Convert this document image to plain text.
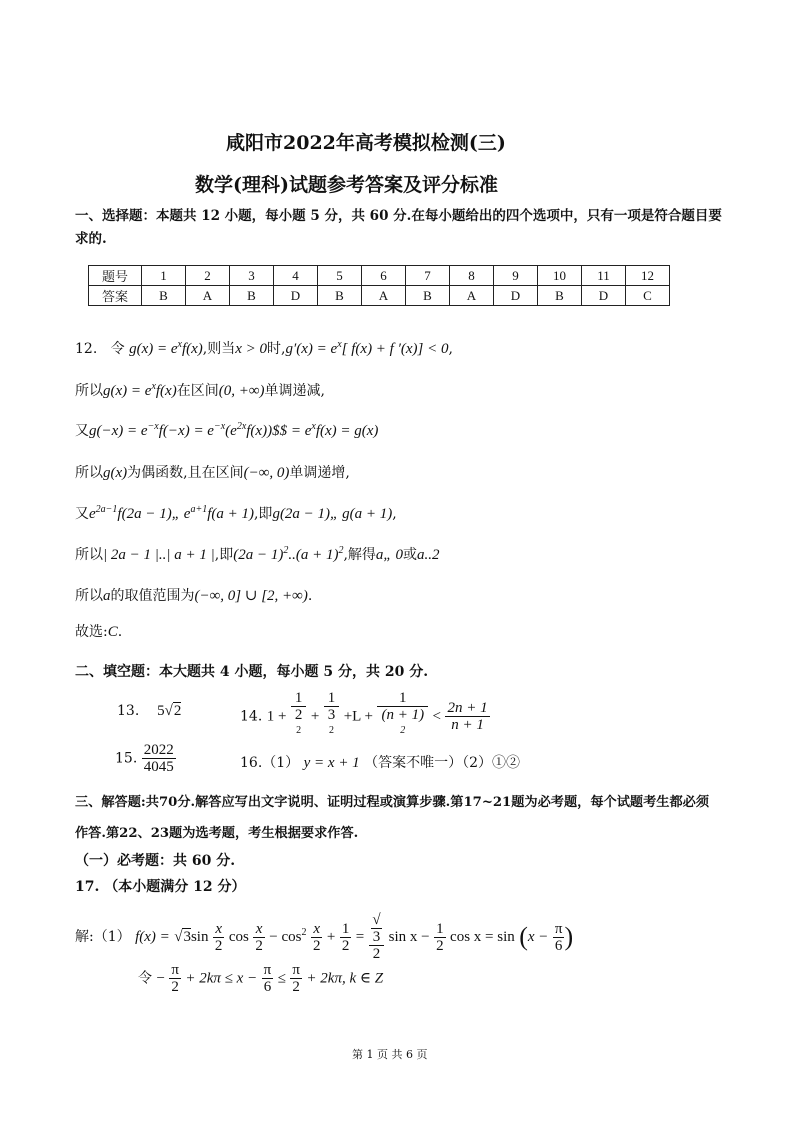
咸阳市2022年高考模拟检测(三)
数学(理科)试题参考答案及评分标准
一、选择题：本题共 12 小题，每小题 5 分，共 60 分.在每小题给出的四个选项中，只有一项是符合题目要
求的.
题号	1	2	3	4	5	6	7	8	9	10	11	12
答案	B	A	B	D	B	A	B	A	D	B	D	C
12. 令 $g(x) = e^xf(x)$,则当x > 0时$,g'(x) = e^x$[ f(x) + f ′(x)] < 0,
所以$g(x) = e^xf(x)$在区间(0, +∞)单调递减,
又$g(-x) = e^{-x}f(-x)$ = $e^{-x}(e^{2x}f(x))\$\$ = e^xf(x) = g(x)$
所以g(x)为偶函数,且在区间(−∞, 0)单调递增,
又$e^{2a-1}f(2a$ − 1)„ $e^{a+1}f(a + 1)$,即g(2a − 1)„ g(a + 1),
所以| 2a − 1 |..| a + 1 |,即$(2a - 1)^2..(a + 1)^2$,解得a„ 0或a..2
所以a的取值范围为(−∞, 0] ∪ [2, +∞).
故选:C.
二、填空题：本大题共 4 小题，每小题 5 分，共 20 分.
13. 5√2	14. 1 + 1
2
$^2$ + 1
3
$^2$ +L + 1
(n + 1)
$^2 < \frac{2n + 1}{n + 1}$
15. $\frac{2022}{4045}$	16.（1） y = x + 1 （答案不唯一）（2）①②
三、解答题:共70分.解答应写出文字说明、证明过程或演算步骤.第17~21题为必考题，每个试题考生都必须
作答.第22、23题为选考题，考生根据要求作答.
（一）必考题：共 60 分.
17. （本小题满分 12 分）
解:（1） $f(x) = √3\sin \frac{x}{2}$ $\cos \frac{x}{2} - \cos^2 \frac{x}{2} + \frac{1}{2}$ = √
3
2 $\sin x - \frac{1}{2}$ $\cos x = \sin (x - \frac{\pi}{6}$ )
令 − $\frac{\pi}{2} + 2k\pi \le x - \frac{\pi}{6} \le \frac{\pi}{2} + 2k\pi$, k ∈ Z
第 1 页 共 6 页
